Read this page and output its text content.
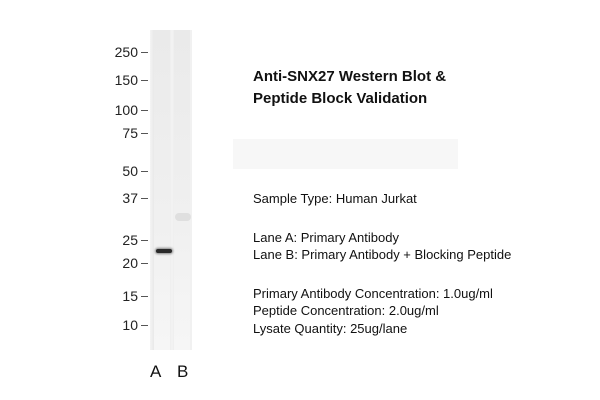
250
150
100
75
50
37
25
20
15
10
A B
Anti-SNX27 Western Blot &
Peptide Block Validation
Sample Type: Human Jurkat
Lane A: Primary Antibody
Lane B: Primary Antibody + Blocking Peptide
Primary Antibody Concentration: 1.0ug/ml
Peptide Concentration: 2.0ug/ml
Lysate Quantity: 25ug/lane
